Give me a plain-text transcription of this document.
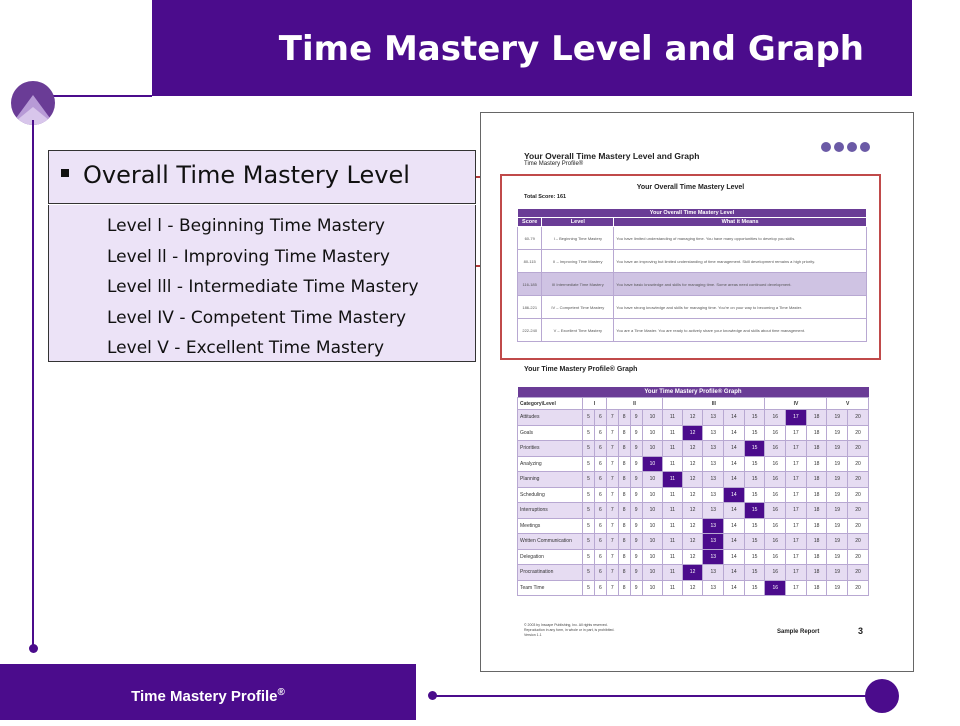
Time Mastery Level and Graph
Overall Time Mastery Level
Level l - Beginning Time Mastery
Level ll - Improving Time Mastery
Level lll - Intermediate Time Mastery
Level IV - Competent Time Mastery
Level V - Excellent Time Mastery
Your Overall Time Mastery Level and Graph
Time Mastery Profile®
Your Overall Time Mastery Level
Total Score: 161
Your Overall Time Mastery Level		
Score	Level	What it Means
60-79	I – Beginning Time Mastery	You have limited understanding of managing time. You have many opportunities to develop you skills.
80-115	II – Improving Time Mastery	You have an improving but limited understanding of time management. Skill development remains a high priority.
116-185	III Intermediate Time Mastery	You have basic knowledge and skills for managing time. Some areas need continued development.
186-221	IV – Competent Time Mastery	You have strong knowledge and skills for managing time. You're on your way to becoming a Time Master.
222-240	V – Excellent Time Mastery	You are a Time Master. You are ready to actively share your knowledge and skills about time management.
Your Time Mastery Profile® Graph
Your Time Mastery Profile® Graph																
Category\Level	I		II				III					IV			V	
Attitudes	5	6	7	8	9	10	11	12	13	14	15	16	17	18	19	20
Goals	5	6	7	8	9	10	11	12	13	14	15	16	17	18	19	20
Priorities	5	6	7	8	9	10	11	12	13	14	15	16	17	18	19	20
Analyzing	5	6	7	8	9	10	11	12	13	14	15	16	17	18	19	20
Planning	5	6	7	8	9	10	11	12	13	14	15	16	17	18	19	20
Scheduling	5	6	7	8	9	10	11	12	13	14	15	16	17	18	19	20
Interruptions	5	6	7	8	9	10	11	12	13	14	15	16	17	18	19	20
Meetings	5	6	7	8	9	10	11	12	13	14	15	16	17	18	19	20
Written Communication	5	6	7	8	9	10	11	12	13	14	15	16	17	18	19	20
Delegation	5	6	7	8	9	10	11	12	13	14	15	16	17	18	19	20
Procrastination	5	6	7	8	9	10	11	12	13	14	15	16	17	18	19	20
Team Time	5	6	7	8	9	10	11	12	13	14	15	16	17	18	19	20
© 2003 by Inscape Publishing, Inc. All rights reserved.
Reproduction in any form, in whole or in part, is prohibited.
Version 1.1	Sample Report	3
Time Mastery Profile®
